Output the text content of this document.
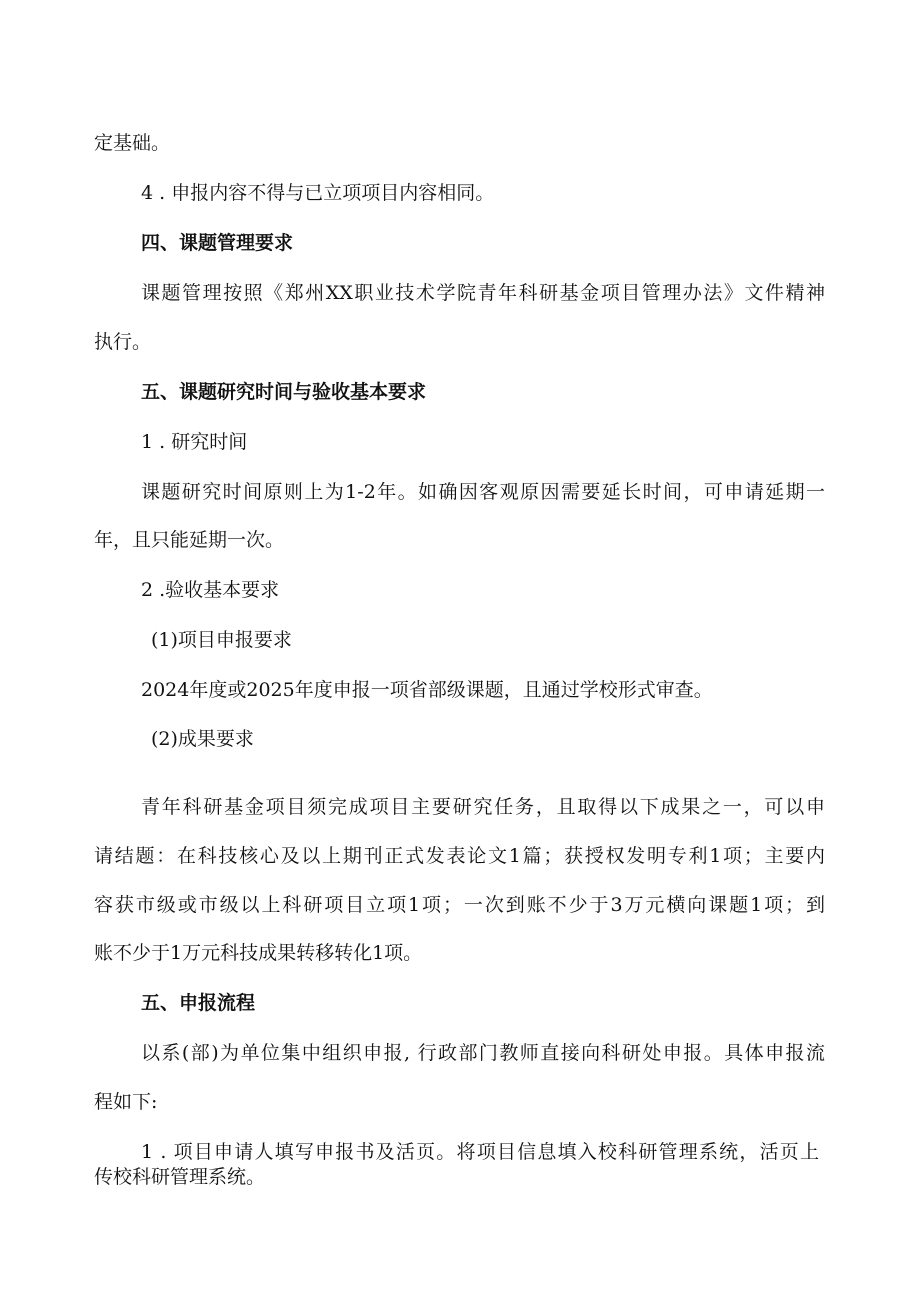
定基础。

4 . 申报内容不得与已立项项目内容相同。

四、课题管理要求

课题管理按照《郑州XX职业技术学院青年科研基金项目管理办法》文件精神

执行。

五、课题研究时间与验收基本要求

1 . 研究时间

课题研究时间原则上为1-2年。如确因客观原因需要延长时间，可申请延期一

年，且只能延期一次。

2 .验收基本要求

(1)项目申报要求

2024年度或2025年度申报一项省部级课题，且通过学校形式审查。

(2)成果要求

青年科研基金项目须完成项目主要研究任务，且取得以下成果之一，可以申

请结题：在科技核心及以上期刊正式发表论文1篇；获授权发明专利1项；主要内

容获市级或市级以上科研项目立项1项；一次到账不少于3万元横向课题1项；到

账不少于1万元科技成果转移转化1项。

五、申报流程

以系(部)为单位集中组织申报, 行政部门教师直接向科研处申报。具体申报流

程如下:

1 . 项目申请人填写申报书及活页。将项目信息填入校科研管理系统，活页上

传校科研管理系统。
